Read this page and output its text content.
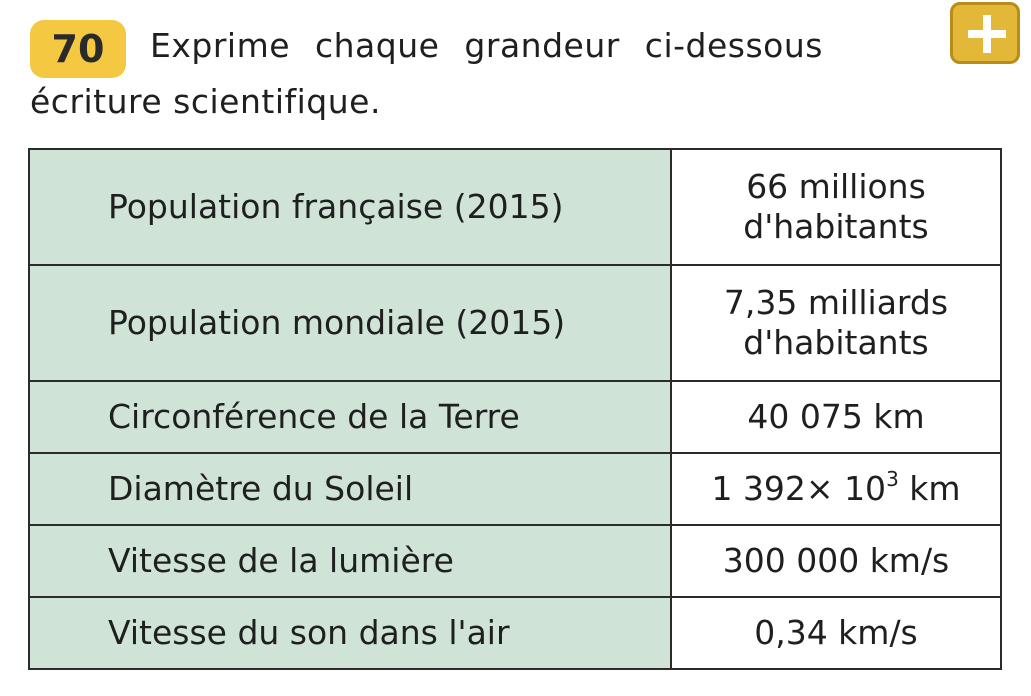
70	Exprime chaque grandeur ci-dessous
écriture scientifique.
Population française (2015)	66 millions
d'habitants

Population mondiale (2015)	7,35 milliards
d'habitants

Circonférence de la Terre	40 075 km
Diamètre du Soleil	1 $392\times 10^3$ km
Vitesse de la lumière	300 000 km/s
Vitesse du son dans l'air	0,34 km/s
